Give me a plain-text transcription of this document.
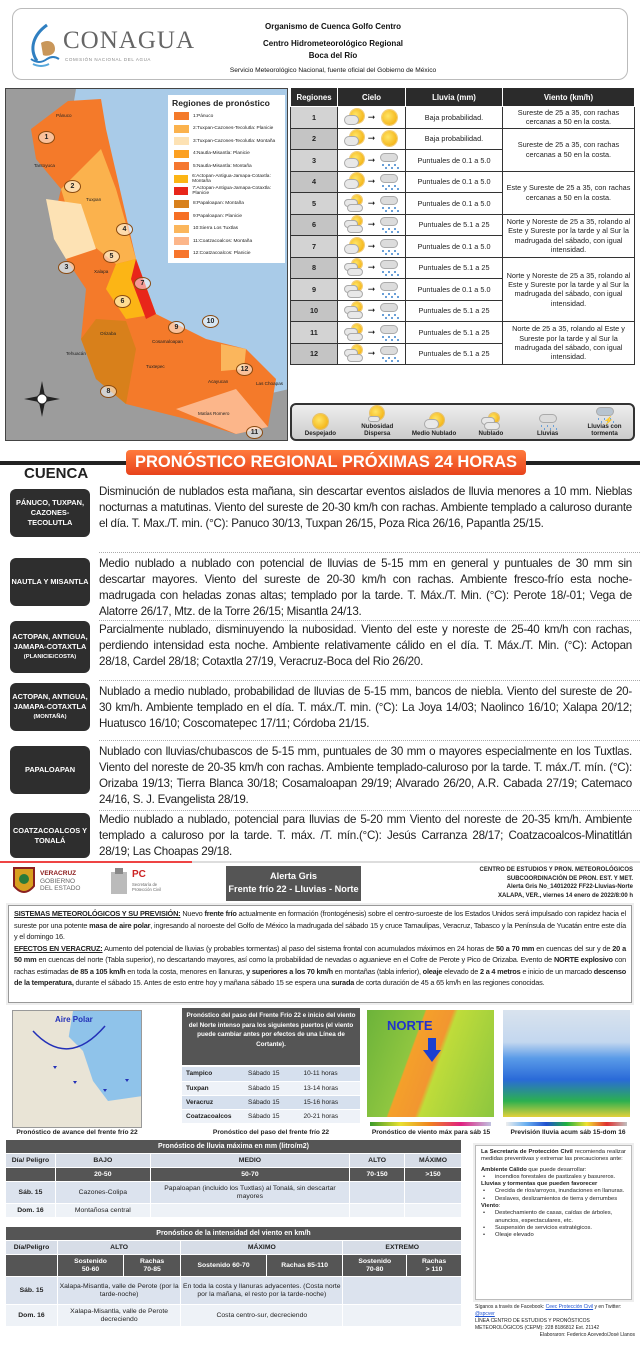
CONAGUA
COMISIÓN NACIONAL DEL AGUA
Organismo de Cuenca Golfo Centro
Centro Hidrometeorológico Regional
Boca del Río
Servicio Meteorológico Nacional, fuente oficial del Gobierno de México
Regiones de pronóstico
1:Pánuco
2:Tuxpan-Cazones-Tecolutla: Planicie
3:Tuxpan-Cazones-Tecolutla: Montaña
4:Nautla-Misantla: Planicie
5:Nautla-Misantla: Montaña
6:Actopan-Antigua-Jamapa-Cotaxtla: Montaña
7:Actopan-Antigua-Jamapa-Cotaxtla: Planicie
8:Papaloapan: Montaña
9:Papaloapan: Planicie
10:Sierra Los Tuxtlas
11:Coatzacoalcos: Montaña
12:Coatzacoalcos: Planicie
1
2
3
4
5
6
7
8
9
10
11
12
Pánuco
Tantoyuca
Tuxpan
Xalapa
Orizaba
Tehuacán
Cosamaloapan
Tuxtepec
Acayucan	Las Choapas
Matías Romero
Regiones	Cielo	Lluvia (mm)	Viento (km/h)
1	➞	Baja probabilidad.	Sureste de 25 a 35, con rachas cercanas a 50 en la costa.
2	➞	Baja probabilidad.	Sureste de 25 a 35, con rachas cercanas a 50 en la costa.
3	➞	Puntuales de 0.1 a 5.0	
4	➞	Puntuales de 0.1 a 5.0	Este y Sureste de 25 a 35, con rachas cercanas a 50 en la costa.
5	➞	Puntuales de 0.1 a 5.0	
6	➞	Puntuales de 5.1 a 25	Norte y Noreste de 25 a 35, rolando al Este y Sureste por la tarde y al Sur la madrugada del sábado, con igual intensidad.
7	➞	Puntuales de 0.1 a 5.0	
8	➞	Puntuales de 5.1 a 25	Norte y Noreste de 25 a 35, rolando al Este y Sureste por la tarde y al Sur la madrugada del sábado, con igual intensidad.
9	➞	Puntuales de 0.1 a 5.0	
10	➞	Puntuales de 5.1 a 25	
11	➞	Puntuales de 5.1 a 25	Norte de 25 a 35, rolando al Este y Sureste por la tarde y al Sur la madrugada del sábado, con igual intensidad.
12	➞	Puntuales de 5.1 a 25	
Despejado
Nubosidad Dispersa	Medio Nublado	Nublado	Lluvias
⚡
Lluvias con tormenta
PRONÓSTICO REGIONAL PRÓXIMAS 24 HORAS
CUENCA
PÁNUCO, TUXPAN, CAZONES-TECOLUTLA
Disminución de nublados esta mañana, sin descartar eventos aislados de lluvia menores a 10 mm. Nieblas nocturnas a matutinas. Viento del sureste de 20-30 km/h con rachas. Ambiente templado a caluroso durante el día. T. Max./T. min. (°C): Panuco 30/13, Tuxpan 26/15, Poza Rica 26/16, Papantla 25/15.
NAUTLA Y MISANTLA
Medio nublado a nublado con potencial de lluvias de 5-15 mm en general y puntuales de 30 mm sin descartar mayores. Viento del sureste de 20-30 km/h con rachas. Ambiente fresco-frío esta noche-madrugada con heladas zonas altas; templado por la tarde. T. Máx./T. Min. (°C): Perote 18/-01; Vega de Alatorre 26/17, Mtz. de la Torre 26/15; Misantla 24/13.
ACTOPAN, ANTIGUA, JAMAPA-COTAXTLA
(PLANICIE/COSTA)
Parcialmente nublado, disminuyendo la nubosidad. Viento del este y noreste de 25-40 km/h con rachas, perdiendo intensidad esta noche. Ambiente relativamente cálido en el día. T. Máx./T. Min. (°C): Actopan 28/18, Cardel 28/18; Cotaxtla 27/19, Veracruz-Boca del Rio 26/20.
ACTOPAN, ANTIGUA, JAMAPA-COTAXTLA
(MONTAÑA)
Nublado a medio nublado, probabilidad de lluvias de 5-15 mm, bancos de niebla. Viento del sureste de 20-30 km/h. Ambiente templado en el día. T. máx./T. min. (°C): La Joya 14/03; Naolinco 16/10; Xalapa 20/12; Huatusco 16/10; Coscomatepec 17/11; Córdoba 21/15.
PAPALOAPAN
Nublado con lluvias/chubascos de 5-15 mm, puntuales de 30 mm o mayores especialmente en los Tuxtlas. Viento del noreste de 20-35 km/h con rachas. Ambiente templado-caluroso por la tarde. T. máx./T. mín. (°C): Orizaba 19/13; Tierra Blanca 30/18; Cosamaloapan 29/19; Alvarado 26/20, A.R. Cabada 27/19; Catemaco 24/16, S. J. Evangelista 28/19.
COATZACOALCOS Y TONALÁ
Medio nublado a nublado, potencial para lluvias de 5-20 mm Viento del noreste de 20-35 km/h. Ambiente templado a caluroso por la tarde. T. máx. /T. mín.(°C): Jesús Carranza 28/17; Coatzacoalcos-Minatitlán 28/19; Las Choapas 29/18.
VERACRUZ
GOBIERNO
DEL ESTADO
PC
Secretaría de
Protección Civil
Alerta Gris
Frente frío 22 - Lluvias - Norte
CENTRO DE ESTUDIOS Y PRON. METEOROLÓGICOS
SUBCOORDINACIÓN DE PRON. EST. Y MET.
Alerta Gris No_14012022 FF22-Lluvias-Norte
XALAPA, VER., viernes 14 enero de 2022/8:00 h
SISTEMAS METEOROLÓGICOS Y SU PREVISIÓN: Nuevo frente frío actualmente en formación (frontogénesis) sobre el centro-suroeste de los Estados Unidos será impulsado con rapidez hacia el sureste por una potente masa de aire polar, ingresando al noroeste del Golfo de México la madrugada del sábado 15 y cruce Tamaulipas, Veracruz, Tabasco y la Península de Yucatán entre este día y el domingo 16.
EFECTOS EN VERACRUZ: Aumento del potencial de lluvias (y probables tormentas) al paso del sistema frontal con acumulados máximos en 24 horas de 50 a 70 mm en cuencas del sur y de 20 a 50 mm en cuencas del norte (Tabla superior), no descartando mayores, así como la probabilidad de nevadas o aguanieve en el Cofre de Perote y Pico de Orizaba. Evento de NORTE explosivo con rachas estimadas de 85 a 105 km/h en toda la costa, menores en llanuras, y superiores a los 70 km/h en montañas (tabla inferior), oleaje elevado de 2 a 4 metros e inicio de un marcado descenso de la temperatura, durante el sábado 15. Antes de esto entre hoy y mañana sábado 15 se espera una surada de corta duración de 45 a 65 km/h en las regiones conocidas.
Aire Polar
Pronóstico de avance del frente frío 22
Pronóstico del paso del Frente Frío 22 e inicio del viento del Norte intenso para los siguientes puertos (el viento puede cambiar antes por efectos de una Línea de Cortante).
Tampico	Sábado 15	10-11 horas
Tuxpan	Sábado 15	13-14 horas
Veracruz	Sábado 15	15-16 horas
Coatzacoalcos	Sábado 15	20-21 horas
Pronóstico del paso del frente frío 22
NORTE
Pronóstico de viento máx para sáb 15	Previsión lluvia acum sáb 15-dom 16
Pronóstico de lluvia máxima en mm (litro/m2)				
Día/ Peligro	BAJO	MEDIO	ALTO	MÁXIMO
	20-50	50-70	70-150	>150
Sáb. 15	Cazones-Colipa	Papaloapan (incluido los Tuxtlas) al Tonalá, sin descartar mayores		
Dom. 16	Montañosa central			
Pronóstico de la intensidad del viento en km/h						
Día/Peligro	ALTO		MÁXIMO		EXTREMO	
	Sostenido 50-60	Rachas 70-85	Sostenido 60-70	Rachas 85-110	Sostenido 70-80	Rachas > 110
Sáb. 15	Xalapa-Misantla, valle de Perote (por la tarde-noche)		En toda la costa y llanuras adyacentes. (Costa norte por la mañana, el resto por la tarde-noche)			
Dom. 16	Xalapa-Misantla, valle de Perote decreciendo		Costa centro-sur, decreciendo			

La Secretaría de Protección Civil recomienda realizar medidas preventivas y extremar las precauciones ante:

Ambiente Cálido que puede desarrollar:
• incendios forestales de pastizales y basureros.
Lluvias y tormentas que pueden favorecer
• Crecida de ríos/arroyos, inundaciones en llanuras.
• Deslaves, deslizamientos de tierra y derrumbes
Viento:
• Destechamiento de casas, caídas de árboles, anuncios, espectaculares, etc.
• Suspensión de servicios estratégicos.
• Oleaje elevado
Síganos a través de Facebook: Ceec Protección Civil y en Twitter: @spcver
LÍNEA CENTRO DE ESTUDIOS Y PRONÓSTICOS METEOROLÓGICOS (CEPM): 228 8186812 Ext. 21142

Elaboraron: Federico Acevedo/José Llanos
